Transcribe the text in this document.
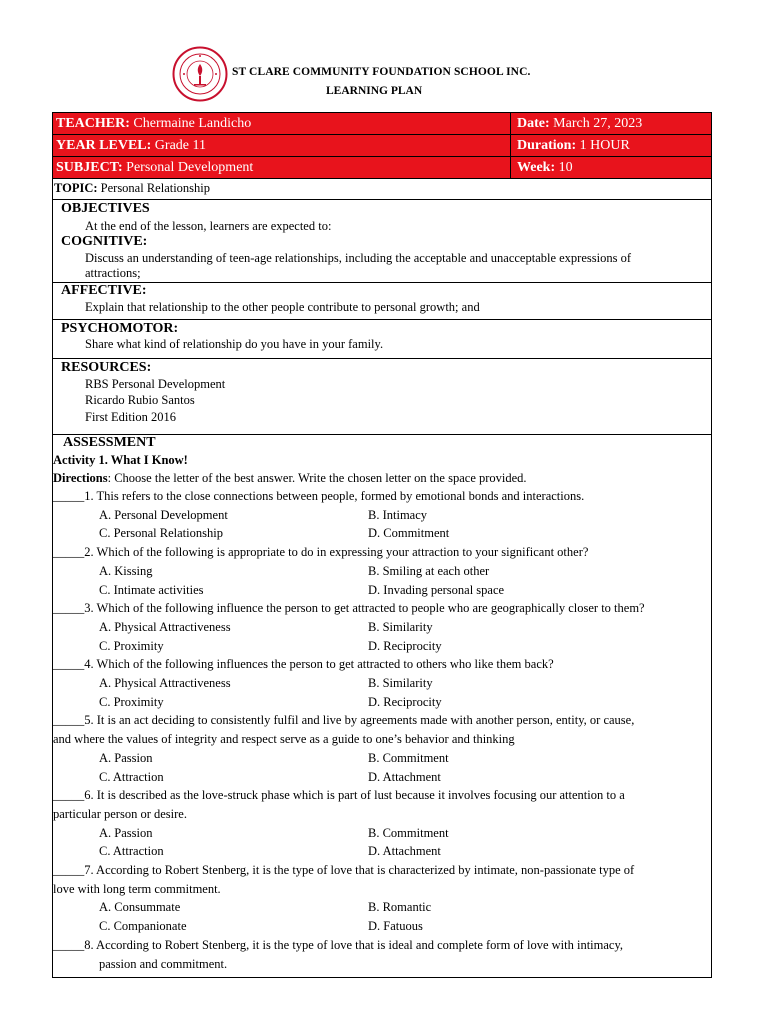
ST CLARE COMMUNITY FOUNDATION SCHOOL INC.
LEARNING PLAN
TEACHER: Chermaine Landicho	Date: March 27, 2023
YEAR LEVEL: Grade 11	Duration: 1 HOUR
SUBJECT: Personal Development	Week: 10
TOPIC: Personal Relationship
OBJECTIVES
At the end of the lesson, learners are expected to:
COGNITIVE:
Discuss an understanding of teen-age relationships, including the acceptable and unacceptable expressions of
attractions;
AFFECTIVE:
Explain that relationship to the other people contribute to personal growth; and
PSYCHOMOTOR:
Share what kind of relationship do you have in your family.
RESOURCES:
RBS Personal Development
Ricardo Rubio Santos
First Edition 2016
ASSESSMENT
Activity 1. What I Know!
Directions: Choose the letter of the best answer. Write the chosen letter on the space provided.
_____1. This refers to the close connections between people, formed by emotional bonds and interactions.
A. Personal Development	B. Intimacy
C. Personal Relationship	D. Commitment
_____2. Which of the following is appropriate to do in expressing your attraction to your significant other?
A. Kissing	B. Smiling at each other
C. Intimate activities	D. Invading personal space
_____3. Which of the following influence the person to get attracted to people who are geographically closer to them?
A. Physical Attractiveness	B. Similarity
C. Proximity	D. Reciprocity
_____4. Which of the following influences the person to get attracted to others who like them back?
A. Physical Attractiveness	B. Similarity
C. Proximity	D. Reciprocity
_____5. It is an act deciding to consistently fulfil and live by agreements made with another person, entity, or cause,
and where the values of integrity and respect serve as a guide to one’s behavior and thinking
A. Passion	B. Commitment
C. Attraction	D. Attachment
_____6. It is described as the love-struck phase which is part of lust because it involves focusing our attention to a
particular person or desire.
A. Passion	B. Commitment
C. Attraction	D. Attachment
_____7. According to Robert Stenberg, it is the type of love that is characterized by intimate, non-passionate type of
love with long term commitment.
A. Consummate	B. Romantic
C. Companionate	D. Fatuous
_____8. According to Robert Stenberg, it is the type of love that is ideal and complete form of love with intimacy,
passion and commitment.
